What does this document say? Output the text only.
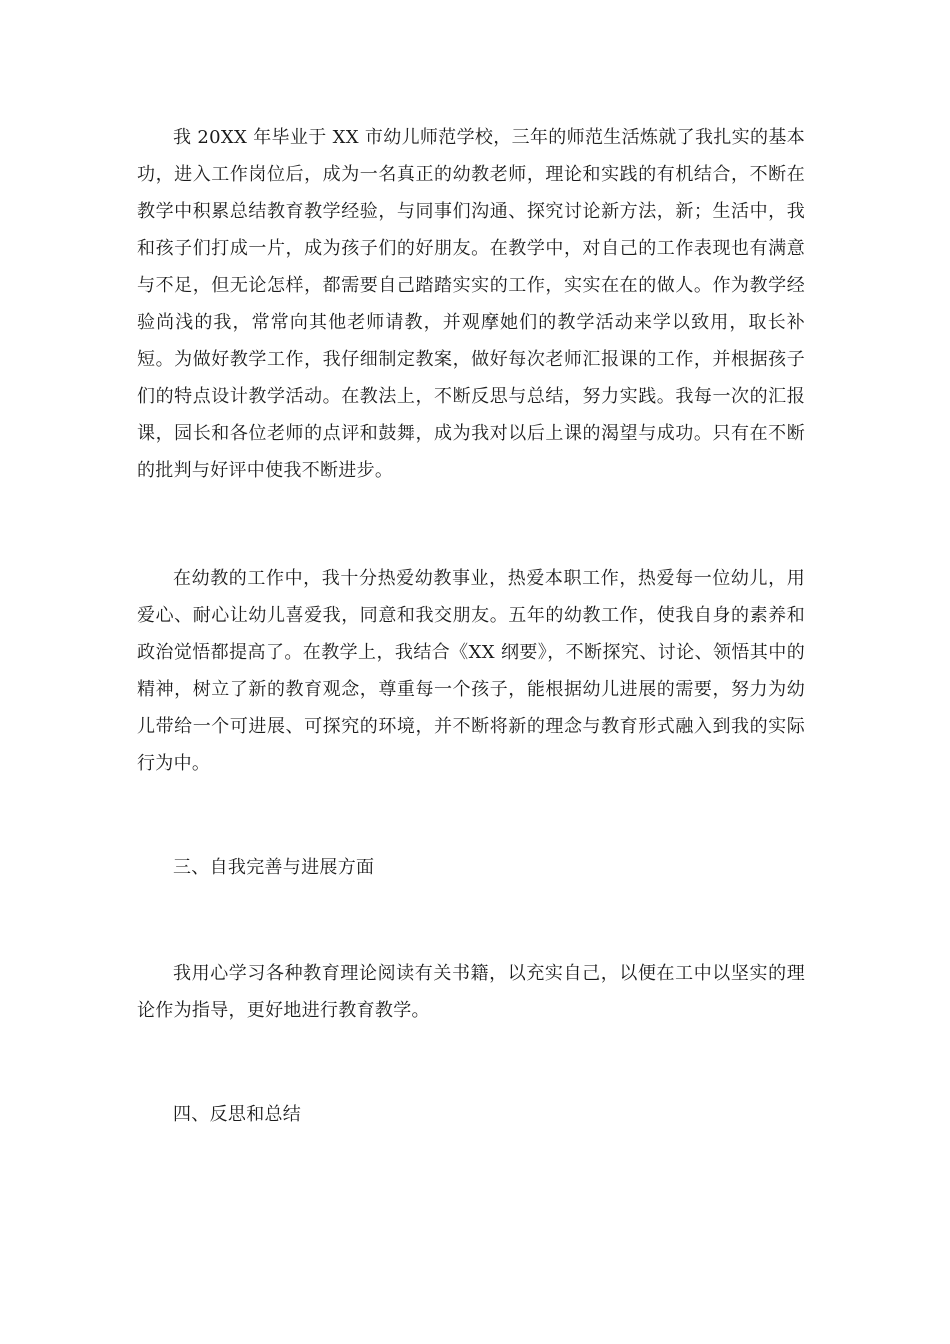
我 20XX 年毕业于 XX 市幼儿师范学校，三年的师范生活炼就了我扎实的基本功，进入工作岗位后，成为一名真正的幼教老师，理论和实践的有机结合，不断在教学中积累总结教育教学经验，与同事们沟通、探究讨论新方法，新；生活中，我和孩子们打成一片，成为孩子们的好朋友。在教学中，对自己的工作表现也有满意与不足，但无论怎样，都需要自己踏踏实实的工作，实实在在的做人。作为教学经验尚浅的我，常常向其他老师请教，并观摩她们的教学活动来学以致用，取长补短。为做好教学工作，我仔细制定教案，做好每次老师汇报课的工作，并根据孩子们的特点设计教学活动。在教法上，不断反思与总结，努力实践。我每一次的汇报课，园长和各位老师的点评和鼓舞，成为我对以后上课的渴望与成功。只有在不断的批判与好评中使我不断进步。

在幼教的工作中，我十分热爱幼教事业，热爱本职工作，热爱每一位幼儿，用爱心、耐心让幼儿喜爱我，同意和我交朋友。五年的幼教工作，使我自身的素养和政治觉悟都提高了。在教学上，我结合《XX 纲要》，不断探究、讨论、领悟其中的精神，树立了新的教育观念，尊重每一个孩子，能根据幼儿进展的需要，努力为幼儿带给一个可进展、可探究的环境，并不断将新的理念与教育形式融入到我的实际行为中。

三、自我完善与进展方面

我用心学习各种教育理论阅读有关书籍，以充实自己，以便在工中以坚实的理论作为指导，更好地进行教育教学。

四、反思和总结
